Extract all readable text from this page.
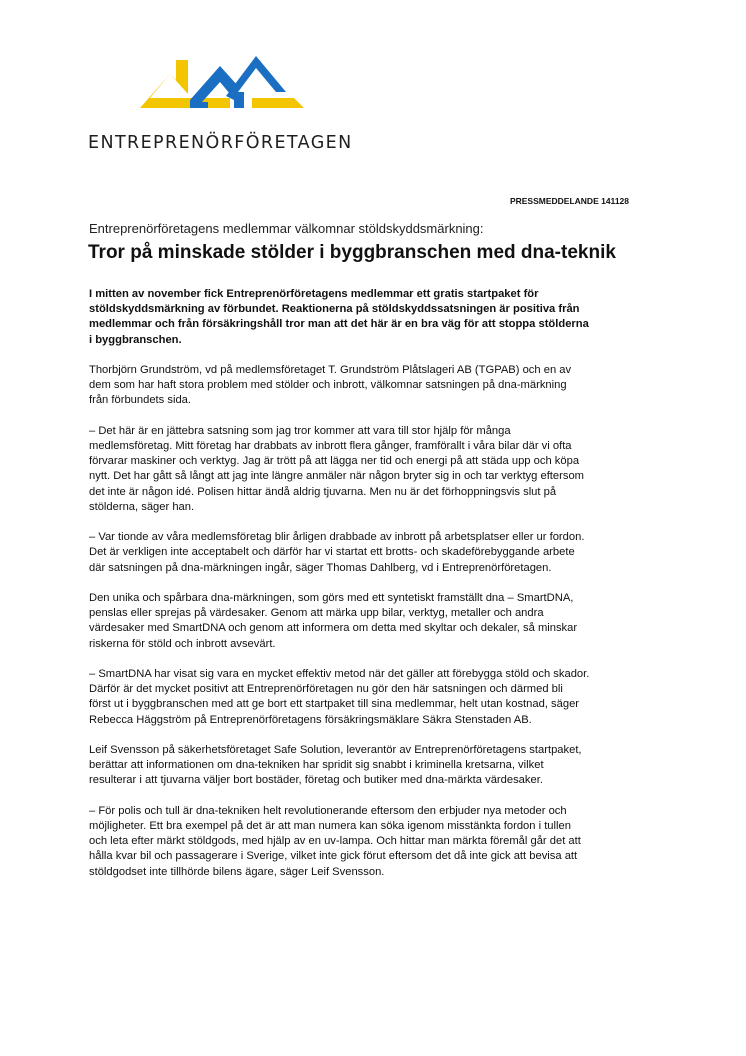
ENTREPRENÖRFÖRETAGEN
PRESSMEDDELANDE 141128
Entreprenörföretagens medlemmar välkomnar stöldskyddsmärkning:
Tror på minskade stölder i byggbranschen med dna-teknik

I mitten av november fick Entreprenörföretagens medlemmar ett gratis startpaket för
stöldskyddsmärkning av förbundet. Reaktionerna på stöldskyddssatsningen är positiva från
medlemmar och från försäkringshåll tror man att det här är en bra väg för att stoppa stölderna
i byggbranschen.

Thorbjörn Grundström, vd på medlemsföretaget T. Grundström Plåtslageri AB (TGPAB) och en av
dem som har haft stora problem med stölder och inbrott, välkomnar satsningen på dna-märkning
från förbundets sida.

– Det här är en jättebra satsning som jag tror kommer att vara till stor hjälp för många
medlemsföretag. Mitt företag har drabbats av inbrott flera gånger, framförallt i våra bilar där vi ofta
förvarar maskiner och verktyg. Jag är trött på att lägga ner tid och energi på att städa upp och köpa
nytt. Det har gått så långt att jag inte längre anmäler när någon bryter sig in och tar verktyg eftersom
det inte är någon idé. Polisen hittar ändå aldrig tjuvarna. Men nu är det förhoppningsvis slut på
stölderna, säger han.

– Var tionde av våra medlemsföretag blir årligen drabbade av inbrott på arbetsplatser eller ur fordon.
Det är verkligen inte acceptabelt och därför har vi startat ett brotts- och skadeförebyggande arbete
där satsningen på dna-märkningen ingår, säger Thomas Dahlberg, vd i Entreprenörföretagen.

Den unika och spårbara dna-märkningen, som görs med ett syntetiskt framställt dna – SmartDNA,
penslas eller sprejas på värdesaker. Genom att märka upp bilar, verktyg, metaller och andra
värdesaker med SmartDNA och genom att informera om detta med skyltar och dekaler, så minskar
riskerna för stöld och inbrott avsevärt.

– SmartDNA har visat sig vara en mycket effektiv metod när det gäller att förebygga stöld och skador.
Därför är det mycket positivt att Entreprenörföretagen nu gör den här satsningen och därmed bli
först ut i byggbranschen med att ge bort ett startpaket till sina medlemmar, helt utan kostnad, säger
Rebecca Häggström på Entreprenörföretagens försäkringsmäklare Säkra Stenstaden AB.

Leif Svensson på säkerhetsföretaget Safe Solution, leverantör av Entreprenörföretagens startpaket,
berättar att informationen om dna-tekniken har spridit sig snabbt i kriminella kretsarna, vilket
resulterar i att tjuvarna väljer bort bostäder, företag och butiker med dna-märkta värdesaker.

– För polis och tull är dna-tekniken helt revolutionerande eftersom den erbjuder nya metoder och
möjligheter. Ett bra exempel på det är att man numera kan söka igenom misstänkta fordon i tullen
och leta efter märkt stöldgods, med hjälp av en uv-lampa. Och hittar man märkta föremål går det att
hålla kvar bil och passagerare i Sverige, vilket inte gick förut eftersom det då inte gick att bevisa att
stöldgodset inte tillhörde bilens ägare, säger Leif Svensson.
